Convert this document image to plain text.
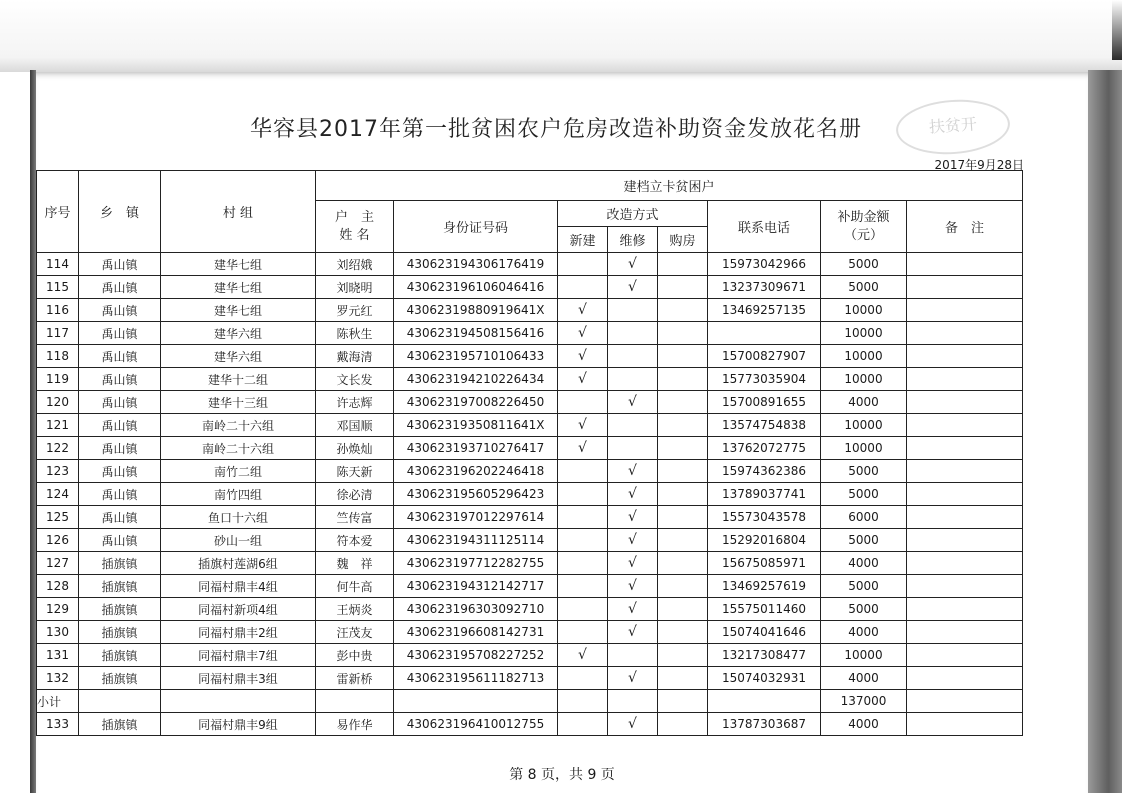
华容县2017年第一批贫困农户危房改造补助资金发放花名册	扶贫开
2017年9月28日
序号	乡　镇	村 组	建档立卡贫困户							
			户　主
姓 名	身份证号码	改造方式			联系电话	补助金额
（元）	备　注
					新建	维修	购房			
114	禹山镇	建华七组	刘绍娥	430623194306176419		√		15973042966	5000	
115	禹山镇	建华七组	刘晓明	430623196106046416		√		13237309671	5000	
116	禹山镇	建华七组	罗元红	43062319880919641X	√			13469257135	10000	
117	禹山镇	建华六组	陈秋生	430623194508156416	√				10000	
118	禹山镇	建华六组	戴海清	430623195710106433	√			15700827907	10000	
119	禹山镇	建华十二组	文长发	430623194210226434	√			15773035904	10000	
120	禹山镇	建华十三组	许志辉	430623197008226450		√		15700891655	4000	
121	禹山镇	南岭二十六组	邓国顺	43062319350811641X	√			13574754838	10000	
122	禹山镇	南岭二十六组	孙焕灿	430623193710276417	√			13762072775	10000	
123	禹山镇	南竹二组	陈天新	430623196202246418		√		15974362386	5000	
124	禹山镇	南竹四组	徐必清	430623195605296423		√		13789037741	5000	
125	禹山镇	鱼口十六组	竺传富	430623197012297614		√		15573043578	6000	
126	禹山镇	砂山一组	符本爱	430623194311125114		√		15292016804	5000	
127	插旗镇	插旗村莲湖6组	魏　祥	430623197712282755		√		15675085971	4000	
128	插旗镇	同福村鼎丰4组	何牛高	430623194312142717		√		13469257619	5000	
129	插旗镇	同福村新项4组	王炳炎	430623196303092710		√		15575011460	5000	
130	插旗镇	同福村鼎丰2组	汪茂友	430623196608142731		√		15074041646	4000	
131	插旗镇	同福村鼎丰7组	彭中贵	430623195708227252	√			13217308477	10000	
132	插旗镇	同福村鼎丰3组	雷新桥	430623195611182713		√		15074032931	4000	
小计									137000	
133	插旗镇	同福村鼎丰9组	易作华	430623196410012755		√		13787303687	4000	
第 8 页，共 9 页
